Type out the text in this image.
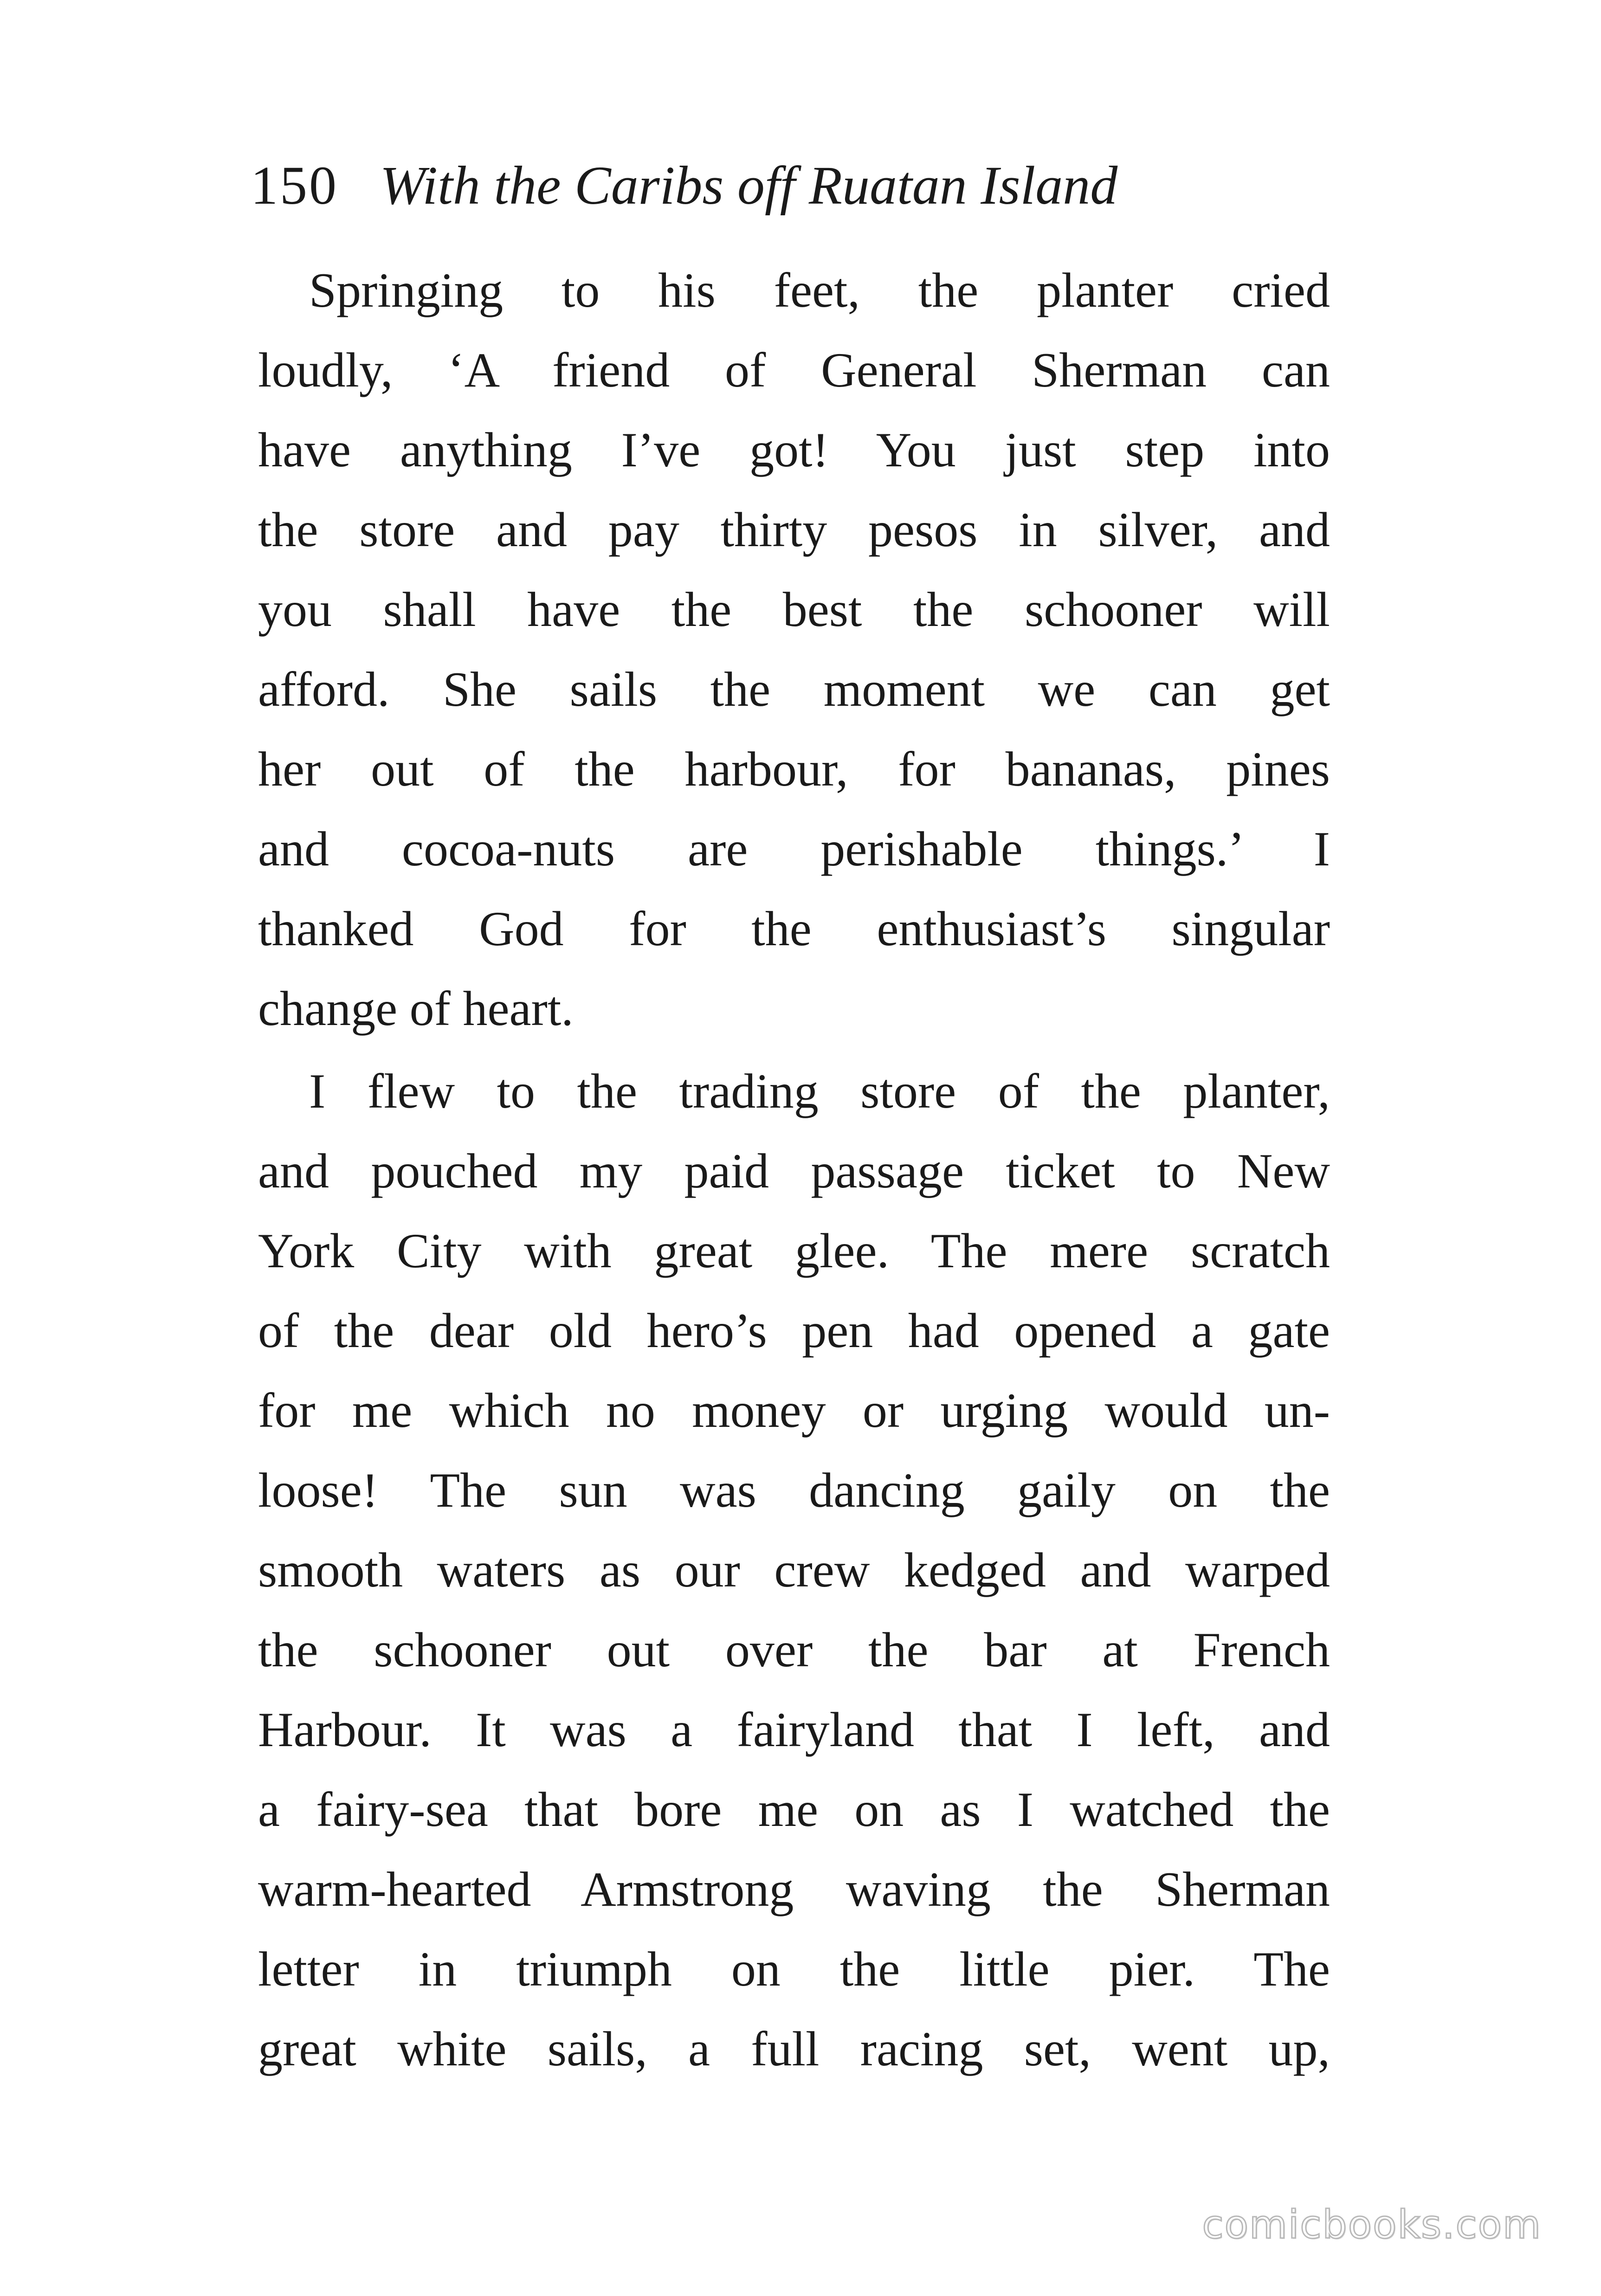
150 With the Caribs off Ruatan Island
Springing to his feet, the planter cried
loudly, ‘A friend of General Sherman can
have anything I’ve got! You just step into
the store and pay thirty pesos in silver, and
you shall have the best the schooner will
afford. She sails the moment we can get
her out of the harbour, for bananas, pines
and cocoa-nuts are perishable things.’ I
thanked God for the enthusiast’s singular
change of heart.
I flew to the trading store of the planter,
and pouched my paid passage ticket to New
York City with great glee. The mere scratch
of the dear old hero’s pen had opened a gate
for me which no money or urging would un-
loose! The sun was dancing gaily on the
smooth waters as our crew kedged and warped
the schooner out over the bar at French
Harbour. It was a fairyland that I left, and
a fairy-sea that bore me on as I watched the
warm-hearted Armstrong waving the Sherman
letter in triumph on the little pier. The
great white sails, a full racing set, went up,
comicbooks.com
